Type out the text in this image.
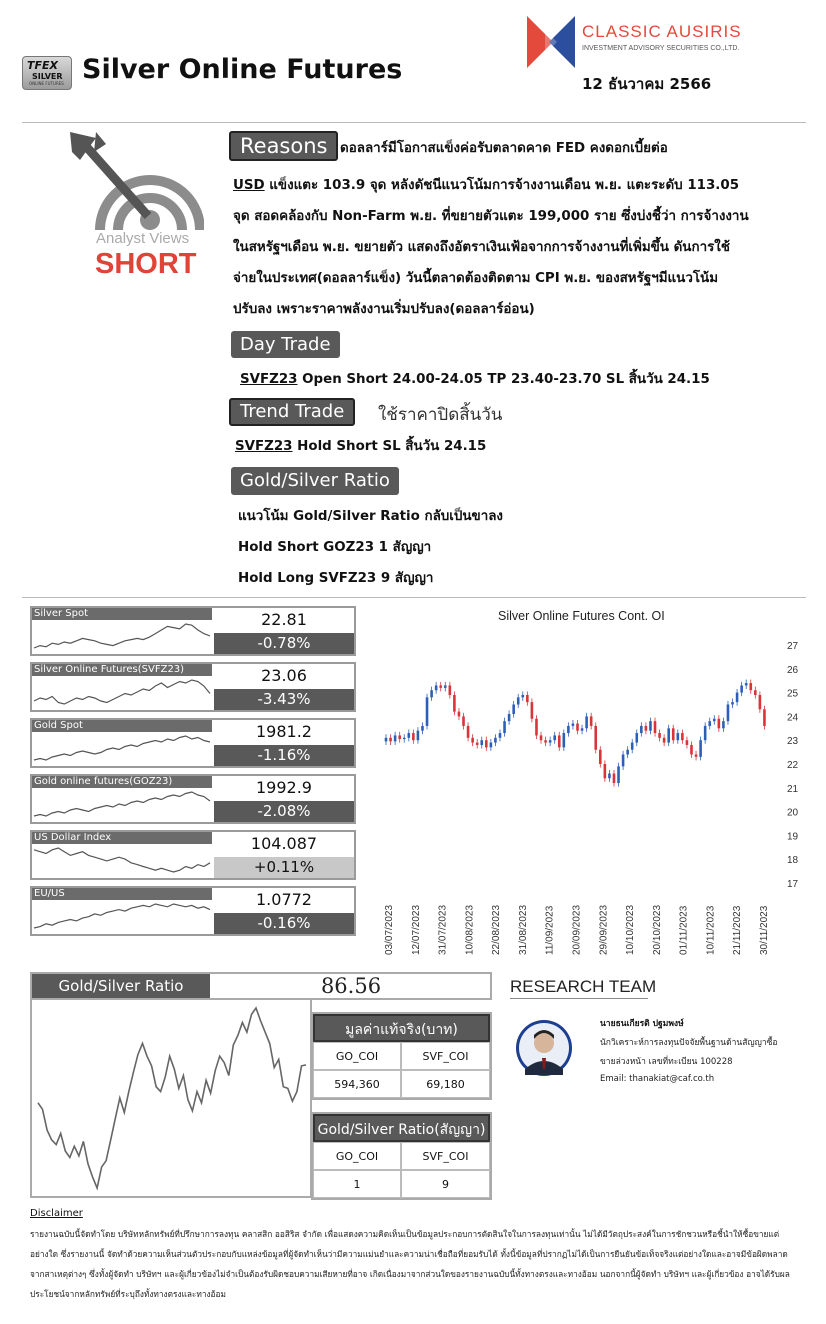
TFEX
SILVER
ONLINE FUTURES Silver Online Futures
CLASSIC AUSIRIS
INVESTMENT ADVISORY SECURITIES CO.,LTD.
12 ธันวาคม 2566
Analyst Views
SHORT
Reasons ดอลลาร์มีโอกาสแข็งค่อรับตลาดคาด FED คงดอกเบี้ยต่อ
USD แข็งแตะ 103.9 จุด หลังดัชนีแนวโน้มการจ้างงานเดือน พ.ย. แตะระดับ 113.05
จุด สอดคล้องกับ Non-Farm พ.ย. ที่ขยายตัวแตะ 199,000 ราย ซึ่งบ่งชี้ว่า การจ้างงาน
ในสหรัฐฯเดือน พ.ย. ขยายตัว แสดงถึงอัตราเงินเฟ้อจากการจ้างงานที่เพิ่มขึ้น ดันการใช้
จ่ายในประเทศ(ดอลลาร์แข็ง) วันนี้ตลาดต้องติดตาม CPI พ.ย. ของสหรัฐฯมีแนวโน้ม
ปรับลง เพราะราคาพลังงานเริ่มปรับลง(ดอลลาร์อ่อน)
Day Trade
SVFZ23 Open Short 24.00-24.05 TP 23.40-23.70 SL สิ้นวัน 24.15
Trend Trade	ใช้ราคาปิดสิ้นวัน
SVFZ23 Hold Short SL สิ้นวัน 24.15
Gold/Silver Ratio
แนวโน้ม Gold/Silver Ratio กลับเป็นขาลง
Hold Short GOZ23 1 สัญญา
Hold Long SVFZ23 9 สัญญา
Silver Spot	22.81
-0.78%
Silver Online Futures(SVFZ23)	23.06
-3.43%
Gold Spot	1981.2
-1.16%
Gold online futures(GOZ23)	1992.9
-2.08%
US Dollar Index	104.087
+0.11%
EU/US	1.0772
-0.16%
Silver Online Futures Cont. OI
27
26
25
24
23
22
21
20
19
18
17
03/07/2023 12/07/2023 31/07/2023 10/08/2023 22/08/2023 31/08/2023 11/09/2023 20/09/2023 29/09/2023 10/10/2023 20/10/2023 01/11/2023 10/11/2023 21/11/2023 30/11/2023
Gold/Silver Ratio	86.56	RESEARCH TEAM
นายธนเกียรติ ปฐมพงษ์
นักวิเคราะห์การลงทุนปัจจัยพื้นฐานด้านสัญญาซื้อ
ขายล่วงหน้า เลขที่ทะเบียน 100228
Email: thanakiat@caf.co.th
มูลค่าแท้จริง(บาท)
GO_COI	SVF_COI
594,360	69,180
Gold/Silver Ratio(สัญญา)
GO_COI	SVF_COI
1	9
Disclaimer
รายงานฉบับนี้จัดทำโดย บริษัทหลักทรัพย์ที่ปรึกษาการลงทุน คลาสสิก ออสิริส จำกัด เพื่อแสดงความคิดเห็นเป็นข้อมูลประกอบการตัดสินใจในการลงทุนเท่านั้น ไม่ได้มีวัตถุประสงค์ในการชักชวนหรือชี้นำให้ซื้อขายแต่อย่างใด ซึ่งรายงานนี้ จัดทำด้วยความเห็นส่วนตัวประกอบกับแหล่งข้อมูลที่ผู้จัดทำเห็นว่ามีความแม่นยำและความน่าเชื่อถือที่ยอมรับได้ ทั้งนี้ข้อมูลที่ปรากฏไม่ได้เป็นการยืนยันข้อเท็จจริงแต่อย่างใดและอาจมีข้อผิดพลาดจากสาเหตุต่างๆ ซึ่งทั้งผู้จัดทำ บริษัทฯ และผู้เกี่ยวข้องไม่จำเป็นต้องรับผิดชอบความเสียหายที่อาจ เกิดเนื่องมาจากส่วนใดของรายงานฉบับนี้ทั้งทางตรงและทางอ้อม นอกจากนี้ผู้จัดทำ บริษัทฯ และผู้เกี่ยวข้อง อาจได้รับผลประโยชน์จากหลักทรัพย์ที่ระบุถึงทั้งทางตรงและทางอ้อม
